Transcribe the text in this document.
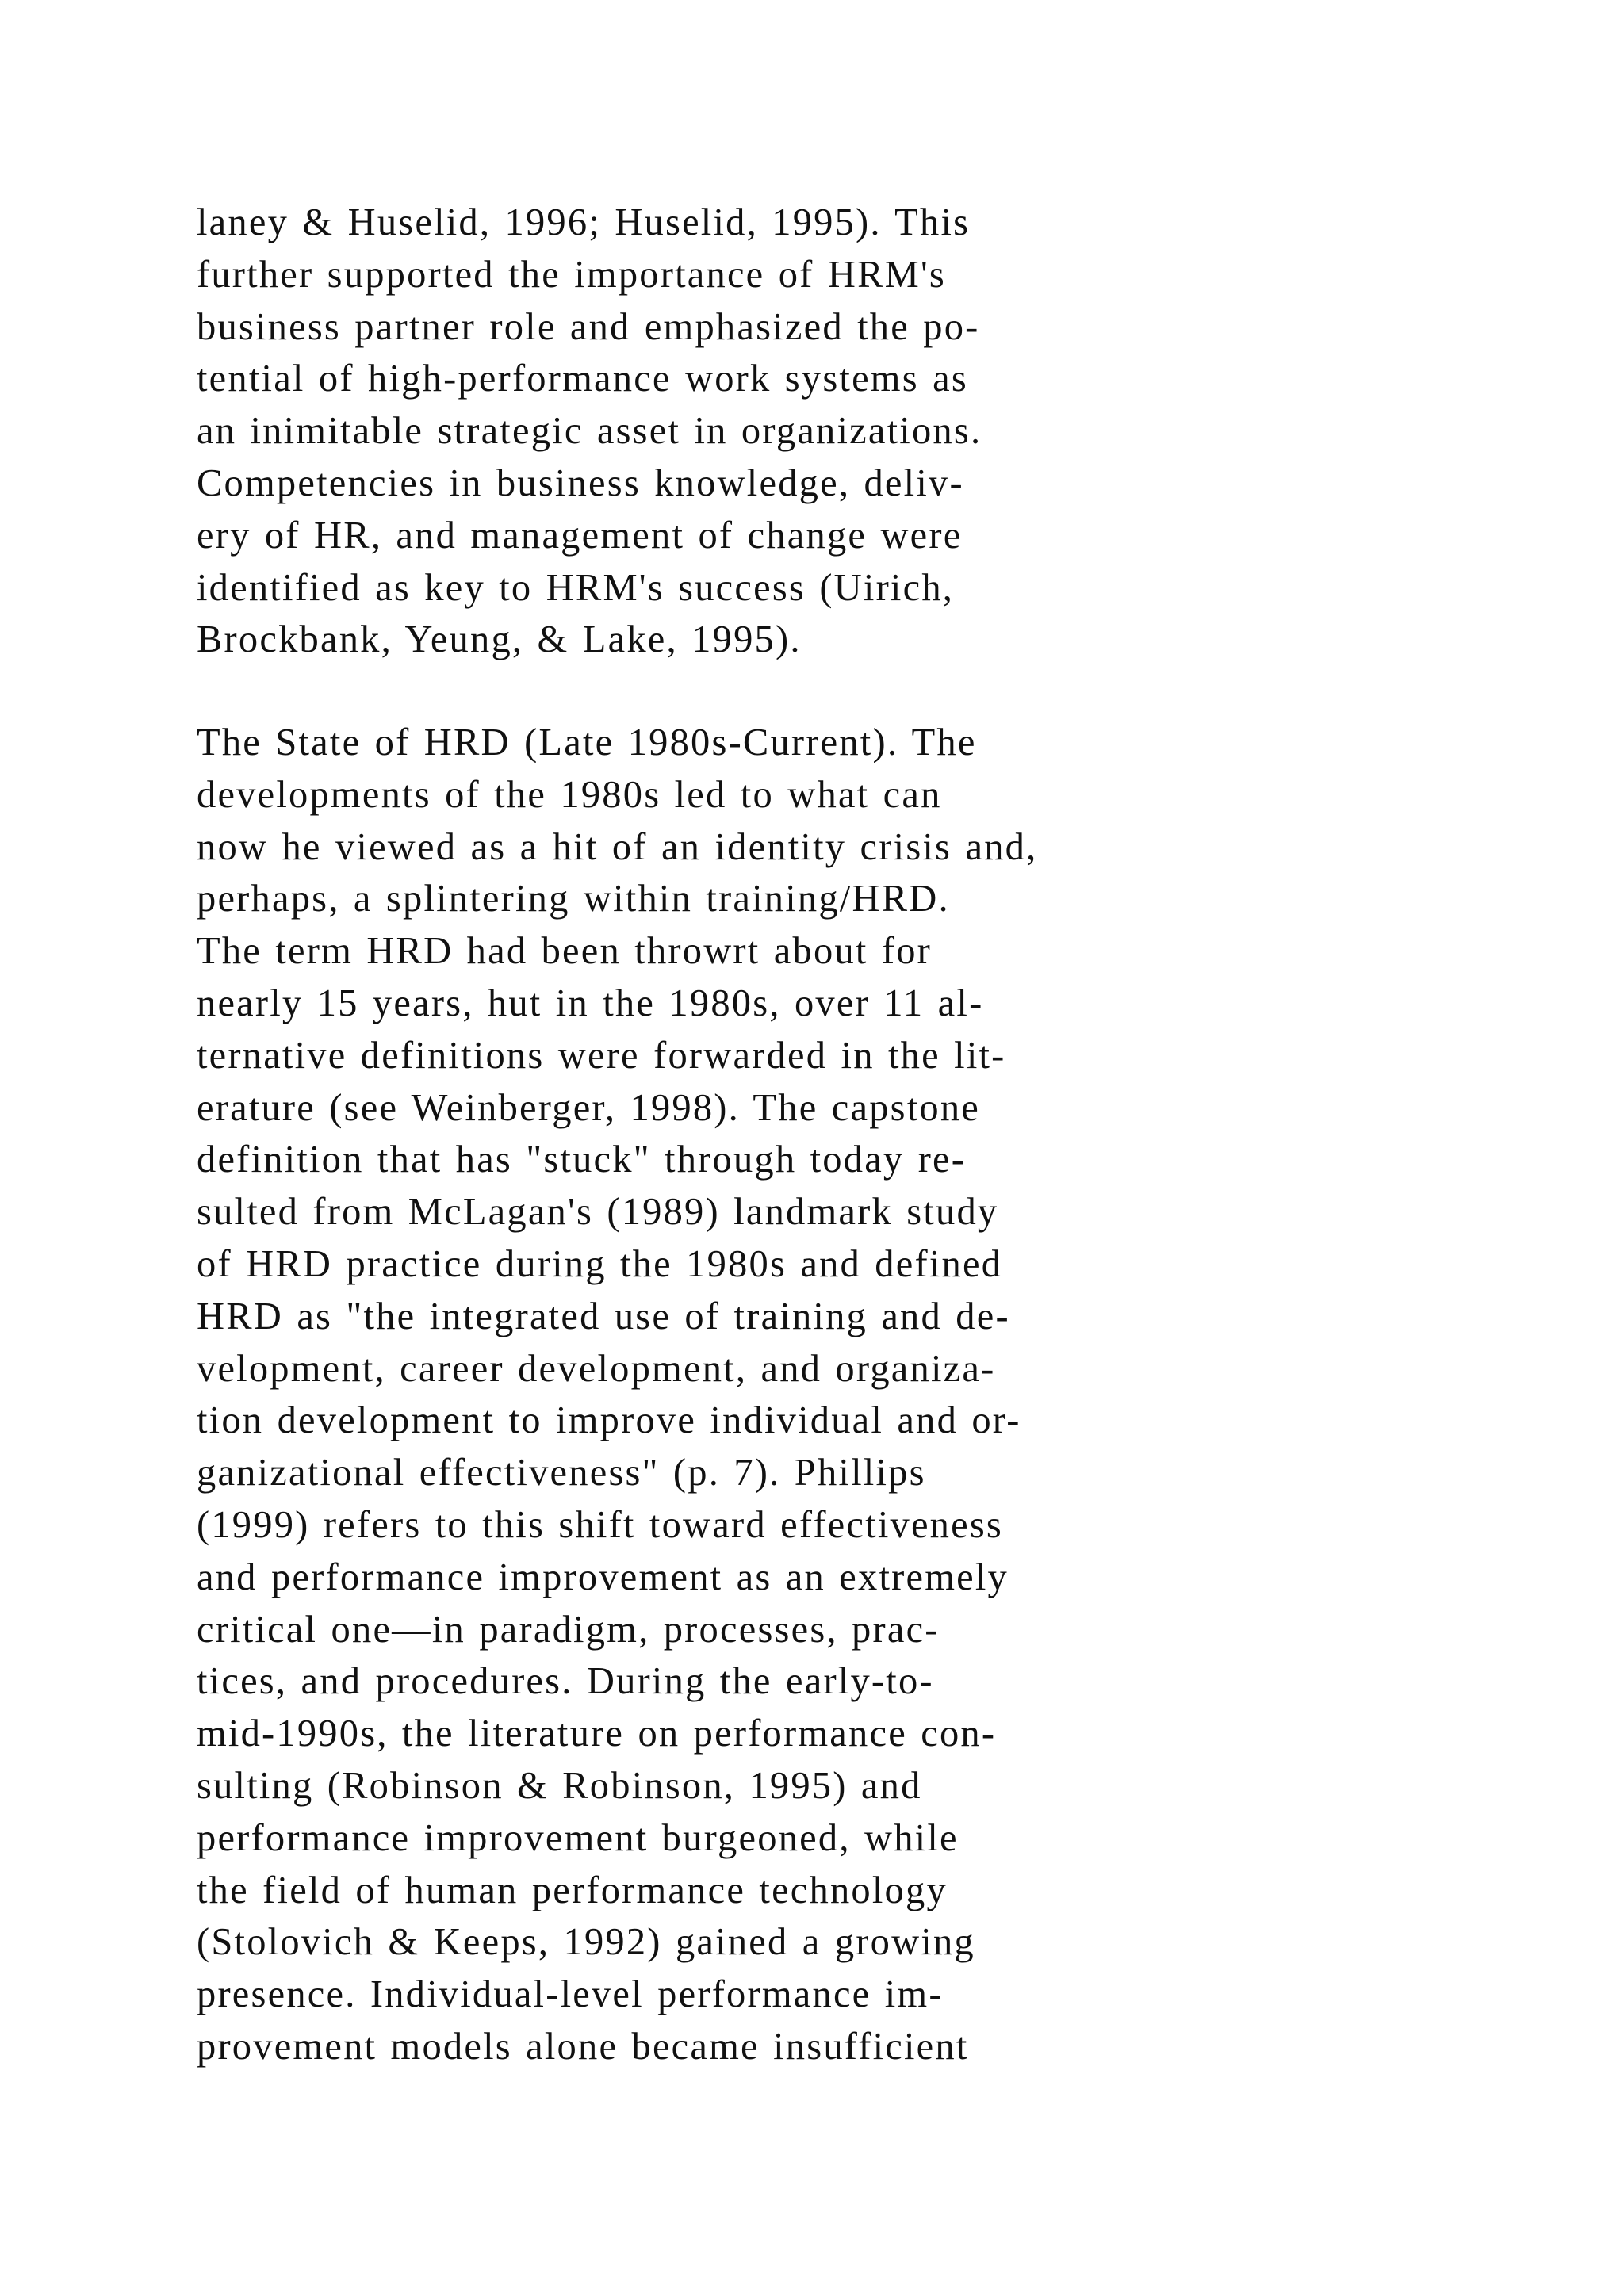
laney & Huselid, 1996; Huselid, 1995). This
further supported the importance of HRM's
business partner role and emphasized the po-
tential of high-performance work systems as
an inimitable strategic asset in organizations.
Competencies in business knowledge, deliv-
ery of HR, and management of change were
identified as key to HRM's success (Uirich,
Brockbank, Yeung, & Lake, 1995).
The State of HRD (Late 1980s-Current). The
developments of the 1980s led to what can
now he viewed as a hit of an identity crisis and,
perhaps, a splintering within training/HRD.
The term HRD had been throwrt about for
nearly 15 years, hut in the 1980s, over 11 al-
ternative definitions were forwarded in the lit-
erature (see Weinberger, 1998). The capstone
definition that has "stuck" through today re-
sulted from McLagan's (1989) landmark study
of HRD practice during the 1980s and defined
HRD as "the integrated use of training and de-
velopment, career development, and organiza-
tion development to improve individual and or-
ganizational effectiveness" (p. 7). Phillips
(1999) refers to this shift toward effectiveness
and performance improvement as an extremely
critical one—in paradigm, processes, prac-
tices, and procedures. During the early-to-
mid-1990s, the literature on performance con-
sulting (Robinson & Robinson, 1995) and
performance improvement burgeoned, while
the field of human performance technology
(Stolovich & Keeps, 1992) gained a growing
presence. Individual-level performance im-
provement models alone became insufficient
